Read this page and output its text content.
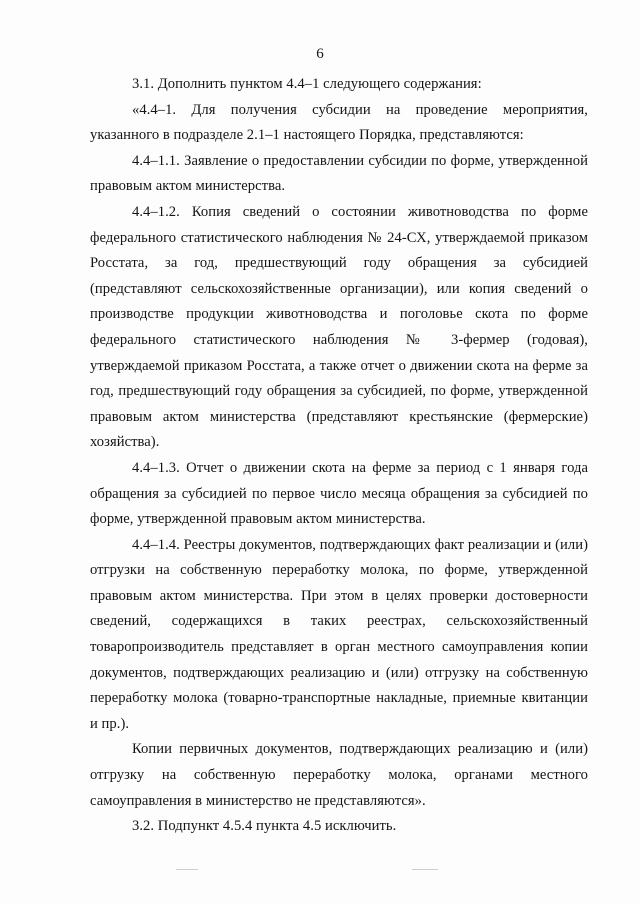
6

3.1. Дополнить пунктом 4.4–1 следующего содержания:

«4.4–1. Для получения субсидии на проведение мероприятия, указанного в подразделе 2.1–1 настоящего Порядка, представляются:

4.4–1.1. Заявление о предоставлении субсидии по форме, утвержденной правовым актом министерства.

4.4–1.2. Копия сведений о состоянии животноводства по форме федерального статистического наблюдения № 24-СХ, утверждаемой приказом Росстата, за год, предшествующий году обращения за субсидией (представляют сельскохозяйственные организации), или копия сведений о производстве продукции животноводства и поголовье скота по форме федерального статистического наблюдения № 3-фермер (годовая), утверждаемой приказом Росстата, а также отчет о движении скота на ферме за год, предшествующий году обращения за субсидией, по форме, утвержденной правовым актом министерства (представляют крестьянские (фермерские) хозяйства).

4.4–1.3. Отчет о движении скота на ферме за период с 1 января года обращения за субсидией по первое число месяца обращения за субсидией по форме, утвержденной правовым актом министерства.

4.4–1.4. Реестры документов, подтверждающих факт реализации и (или) отгрузки на собственную переработку молока, по форме, утвержденной правовым актом министерства. При этом в целях проверки достоверности сведений, содержащихся в таких реестрах, сельскохозяйственный товаропроизводитель представляет в орган местного самоуправления копии документов, подтверждающих реализацию и (или) отгрузку на собственную переработку молока (товарно-транспортные накладные, приемные квитанции и пр.).

Копии первичных документов, подтверждающих реализацию и (или) отгрузку на собственную переработку молока, органами местного самоуправления в министерство не представляются».

3.2. Подпункт 4.5.4 пункта 4.5 исключить.
